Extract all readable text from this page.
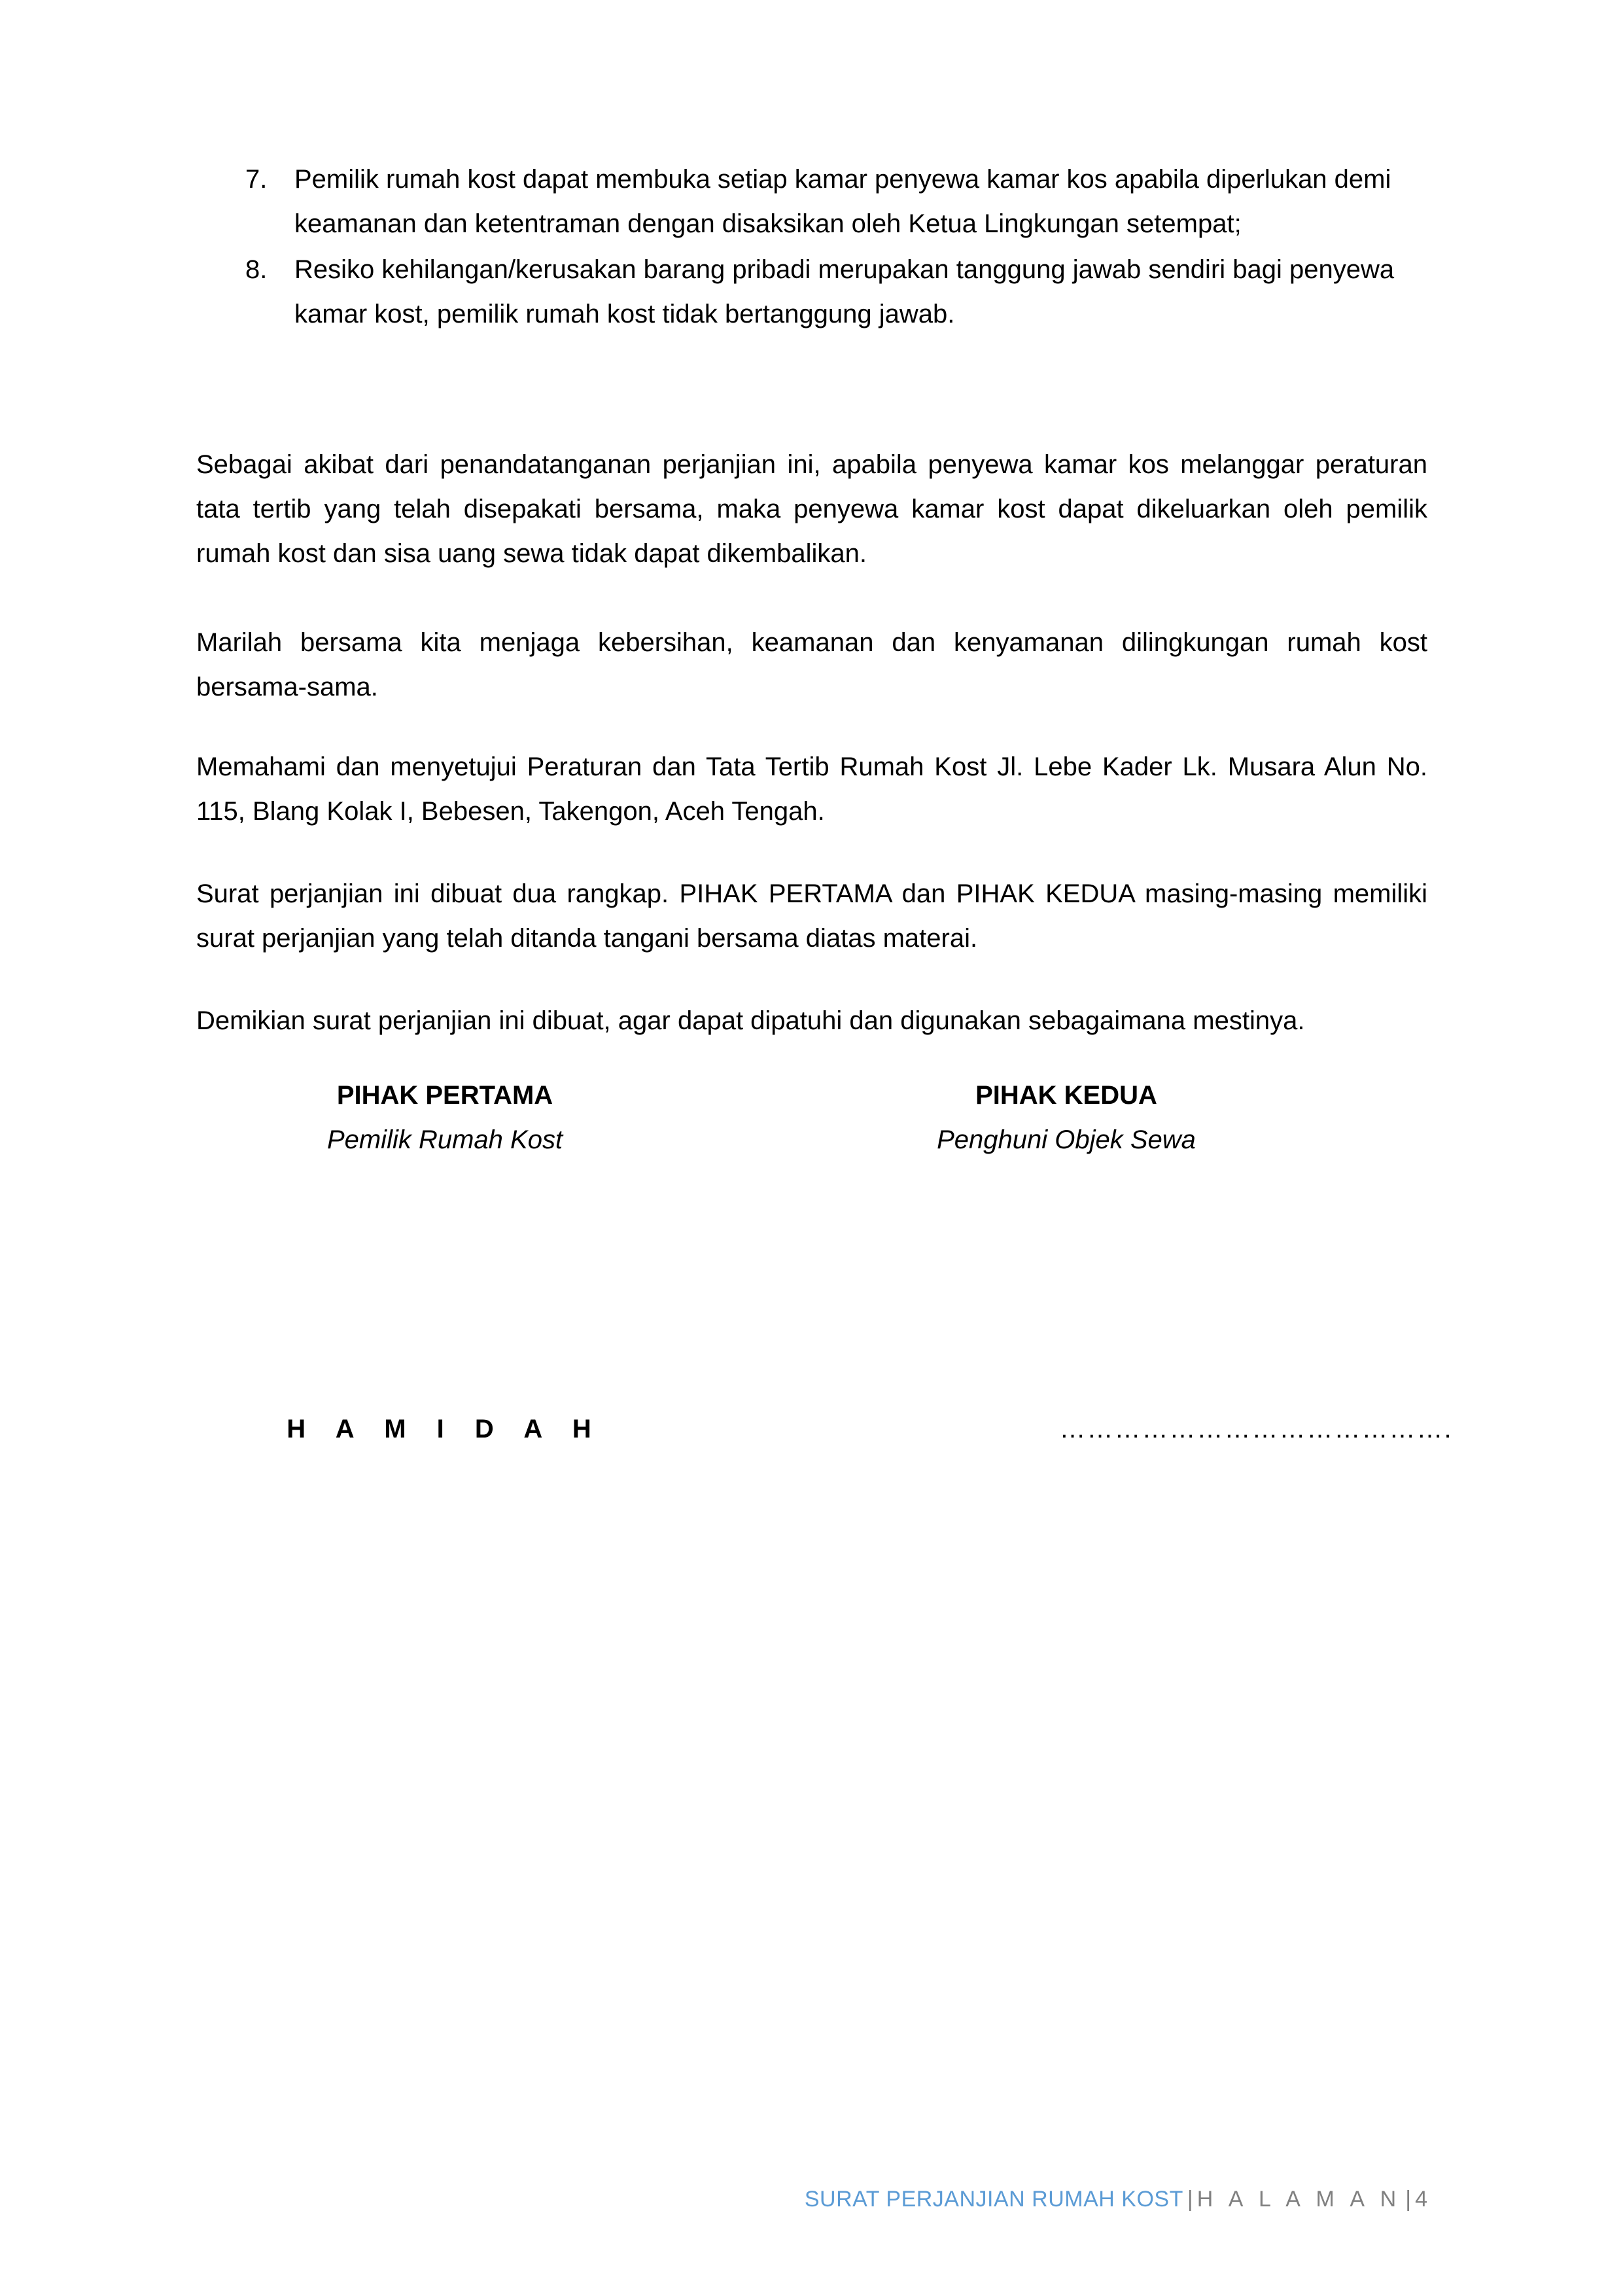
7.	Pemilik rumah kost dapat membuka setiap kamar penyewa kamar kos apabila diperlukan demi keamanan dan ketentraman dengan disaksikan oleh Ketua Lingkungan setempat;
8.	Resiko kehilangan/kerusakan barang pribadi merupakan tanggung jawab sendiri bagi penyewa kamar kost, pemilik rumah kost tidak bertanggung jawab.

Sebagai akibat dari penandatanganan perjanjian ini, apabila penyewa kamar kos melanggar peraturan tata tertib yang telah disepakati bersama, maka penyewa kamar kost dapat dikeluarkan oleh pemilik rumah kost dan sisa uang sewa tidak dapat dikembalikan.

Marilah bersama kita menjaga kebersihan, keamanan dan kenyamanan dilingkungan rumah kost bersama-sama.

Memahami dan menyetujui Peraturan dan Tata Tertib Rumah Kost Jl. Lebe Kader Lk. Musara Alun No. 115, Blang Kolak I, Bebesen, Takengon, Aceh Tengah.

Surat perjanjian ini dibuat dua rangkap. PIHAK PERTAMA dan PIHAK KEDUA masing-masing memiliki surat perjanjian yang telah ditanda tangani bersama diatas materai.

Demikian surat perjanjian ini dibuat, agar dapat dipatuhi dan digunakan sebagaimana mestinya.

PIHAK PERTAMA
Pemilik Rumah Kost
PIHAK KEDUA
Penghuni Objek Sewa
H A M I D A H	…………………………………….
SURAT PERJANJIAN RUMAH KOST | H A L A M A N | 4
